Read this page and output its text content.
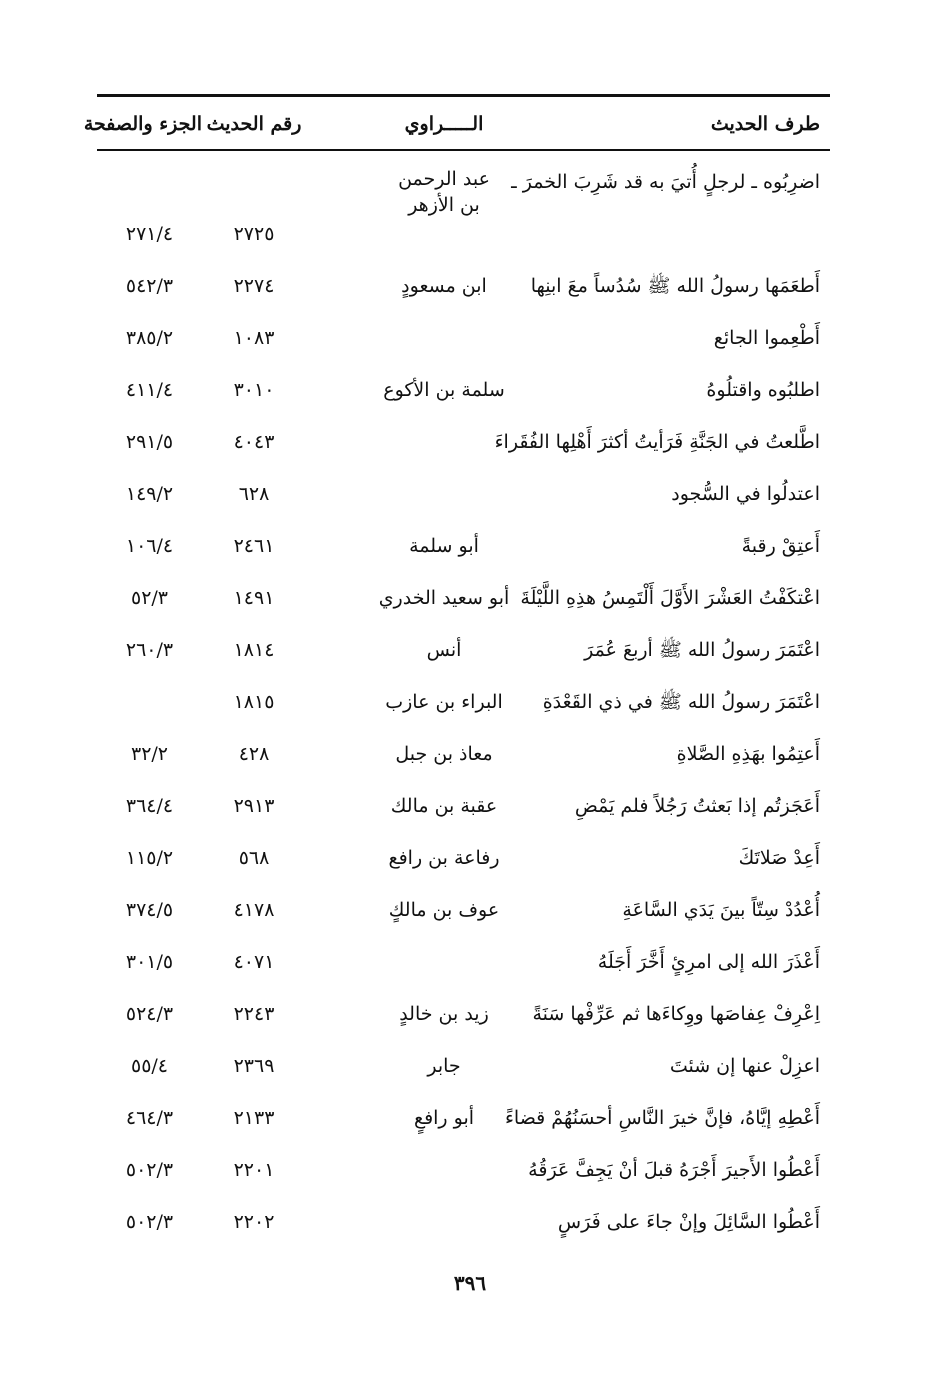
طرف الحديث
الـــــراوي
رقم الحديث
الجزء والصفحة
اضرِبُوه ـ لرجلٍ أُتيَ به قد شَرِبَ الخمرَ ـ
عبد الرحمن بن الأزهر
٢٧٢٥
٢٧١/٤
أَطعَمَها رسولُ الله ﷺ سُدُساً معَ ابنِها
ابن مسعودٍ
٢٢٧٤
٥٤٢/٣
أَطْعِموا الجائع
١٠٨٣
٣٨٥/٢
اطلبُوه واقتلُوهُ
سلمة بن الأكوع
٣٠١٠
٤١١/٤
اطَّلعتُ في الجَنَّةِ فَرَأيتُ أكثرَ أَهْلِها الفُقَراءَ
٤٠٤٣
٢٩١/٥
اعتدلُوا في السُّجود
٦٢٨
١٤٩/٢
أَعتِقْ رقبةً
أبو سلمة
٢٤٦١
١٠٦/٤
اعْتكَفْتُ العَشْرَ الأَوَّلَ أَلْتَمِسُ هذِهِ اللَّيْلَةَ
أبو سعيد الخدري
١٤٩١
٥٢/٣
اعْتَمَرَ رسولُ الله ﷺ أربعَ عُمَرَ
أنس
١٨١٤
٢٦٠/٣
اعْتَمَرَ رسولُ الله ﷺ في ذي القَعْدَةِ
البراء بن عازب
١٨١٥
أَعتِمُوا بهَذِهِ الصَّلاةِ
معاذ بن جبل
٤٢٨
٣٢/٢
أَعَجَزتُم إذا بَعثتُ رَجُلاً فلم يَمْضِ
عقبة بن مالك
٢٩١٣
٣٦٤/٤
أَعِدْ صَلاتَكَ
رفاعة بن رافع
٥٦٨
١١٥/٢
أُعْدُدْ سِتّاً بينَ يَدَي السَّاعَةِ
عوف بن مالكٍ
٤١٧٨
٣٧٤/٥
أَعْذَرَ الله إلى امرِئٍ أَخَّرَ أَجَلَهُ
٤٠٧١
٣٠١/٥
اِعْرِفْ عِفاصَها ووِكاءَها ثم عَرِّفْها سَنَةً
زيد بن خالدٍ
٢٢٤٣
٥٢٤/٣
اعزِلْ عنها إن شئتَ
جابر
٢٣٦٩
٥٥/٤
أَعْطِهِ إيَّاهُ، فإنَّ خيرَ النَّاسِ أحسَنُهُمْ قضاءً
أبو رافعٍ
٢١٣٣
٤٦٤/٣
أَعْطُوا الأَجيرَ أَجْرَهُ قبلَ أنْ يَجِفَّ عَرَقُهُ
٢٢٠١
٥٠٢/٣
أَعْطُوا السَّائِلَ وإنْ جاءَ على فَرَسٍ
٢٢٠٢
٥٠٢/٣
٣٩٦
